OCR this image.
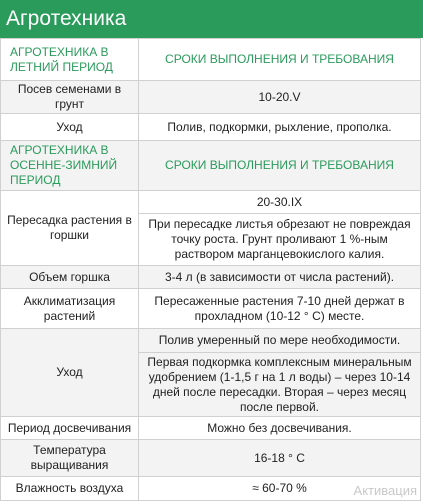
Агротехника
АГРОТЕХНИКА В ЛЕТНИЙ ПЕРИОД	СРОКИ ВЫПОЛНЕНИЯ И ТРЕБОВАНИЯ
Посев семенами в грунт	10-20.V
Уход	Полив, подкормки, рыхление, прополка.
АГРОТЕХНИКА В ОСЕННЕ-ЗИМНИЙ ПЕРИОД	СРОКИ ВЫПОЛНЕНИЯ И ТРЕБОВАНИЯ
Пересадка растения в горшки	20-30.IX
	При пересадке листья обрезают не повреждая точку роста. Грунт проливают 1 %-ным раствором марганцевокислого калия.
Объем горшка	3-4 л (в зависимости от числа растений).
Акклиматизация растений	Пересаженные растения 7-10 дней держат в прохладном (10-12 ° С) месте.
Уход	Полив умеренный по мере необходимости.
	Первая подкормка комплексным минеральным удобрением (1-1,5 г на 1 л воды) – через 10-14 дней после пересадки. Вторая – через месяц после первой.
Период досвечивания	Можно без досвечивания.
Температура выращивания	16-18 ° С
Влажность воздуха	≈ 60-70 %	Активация
